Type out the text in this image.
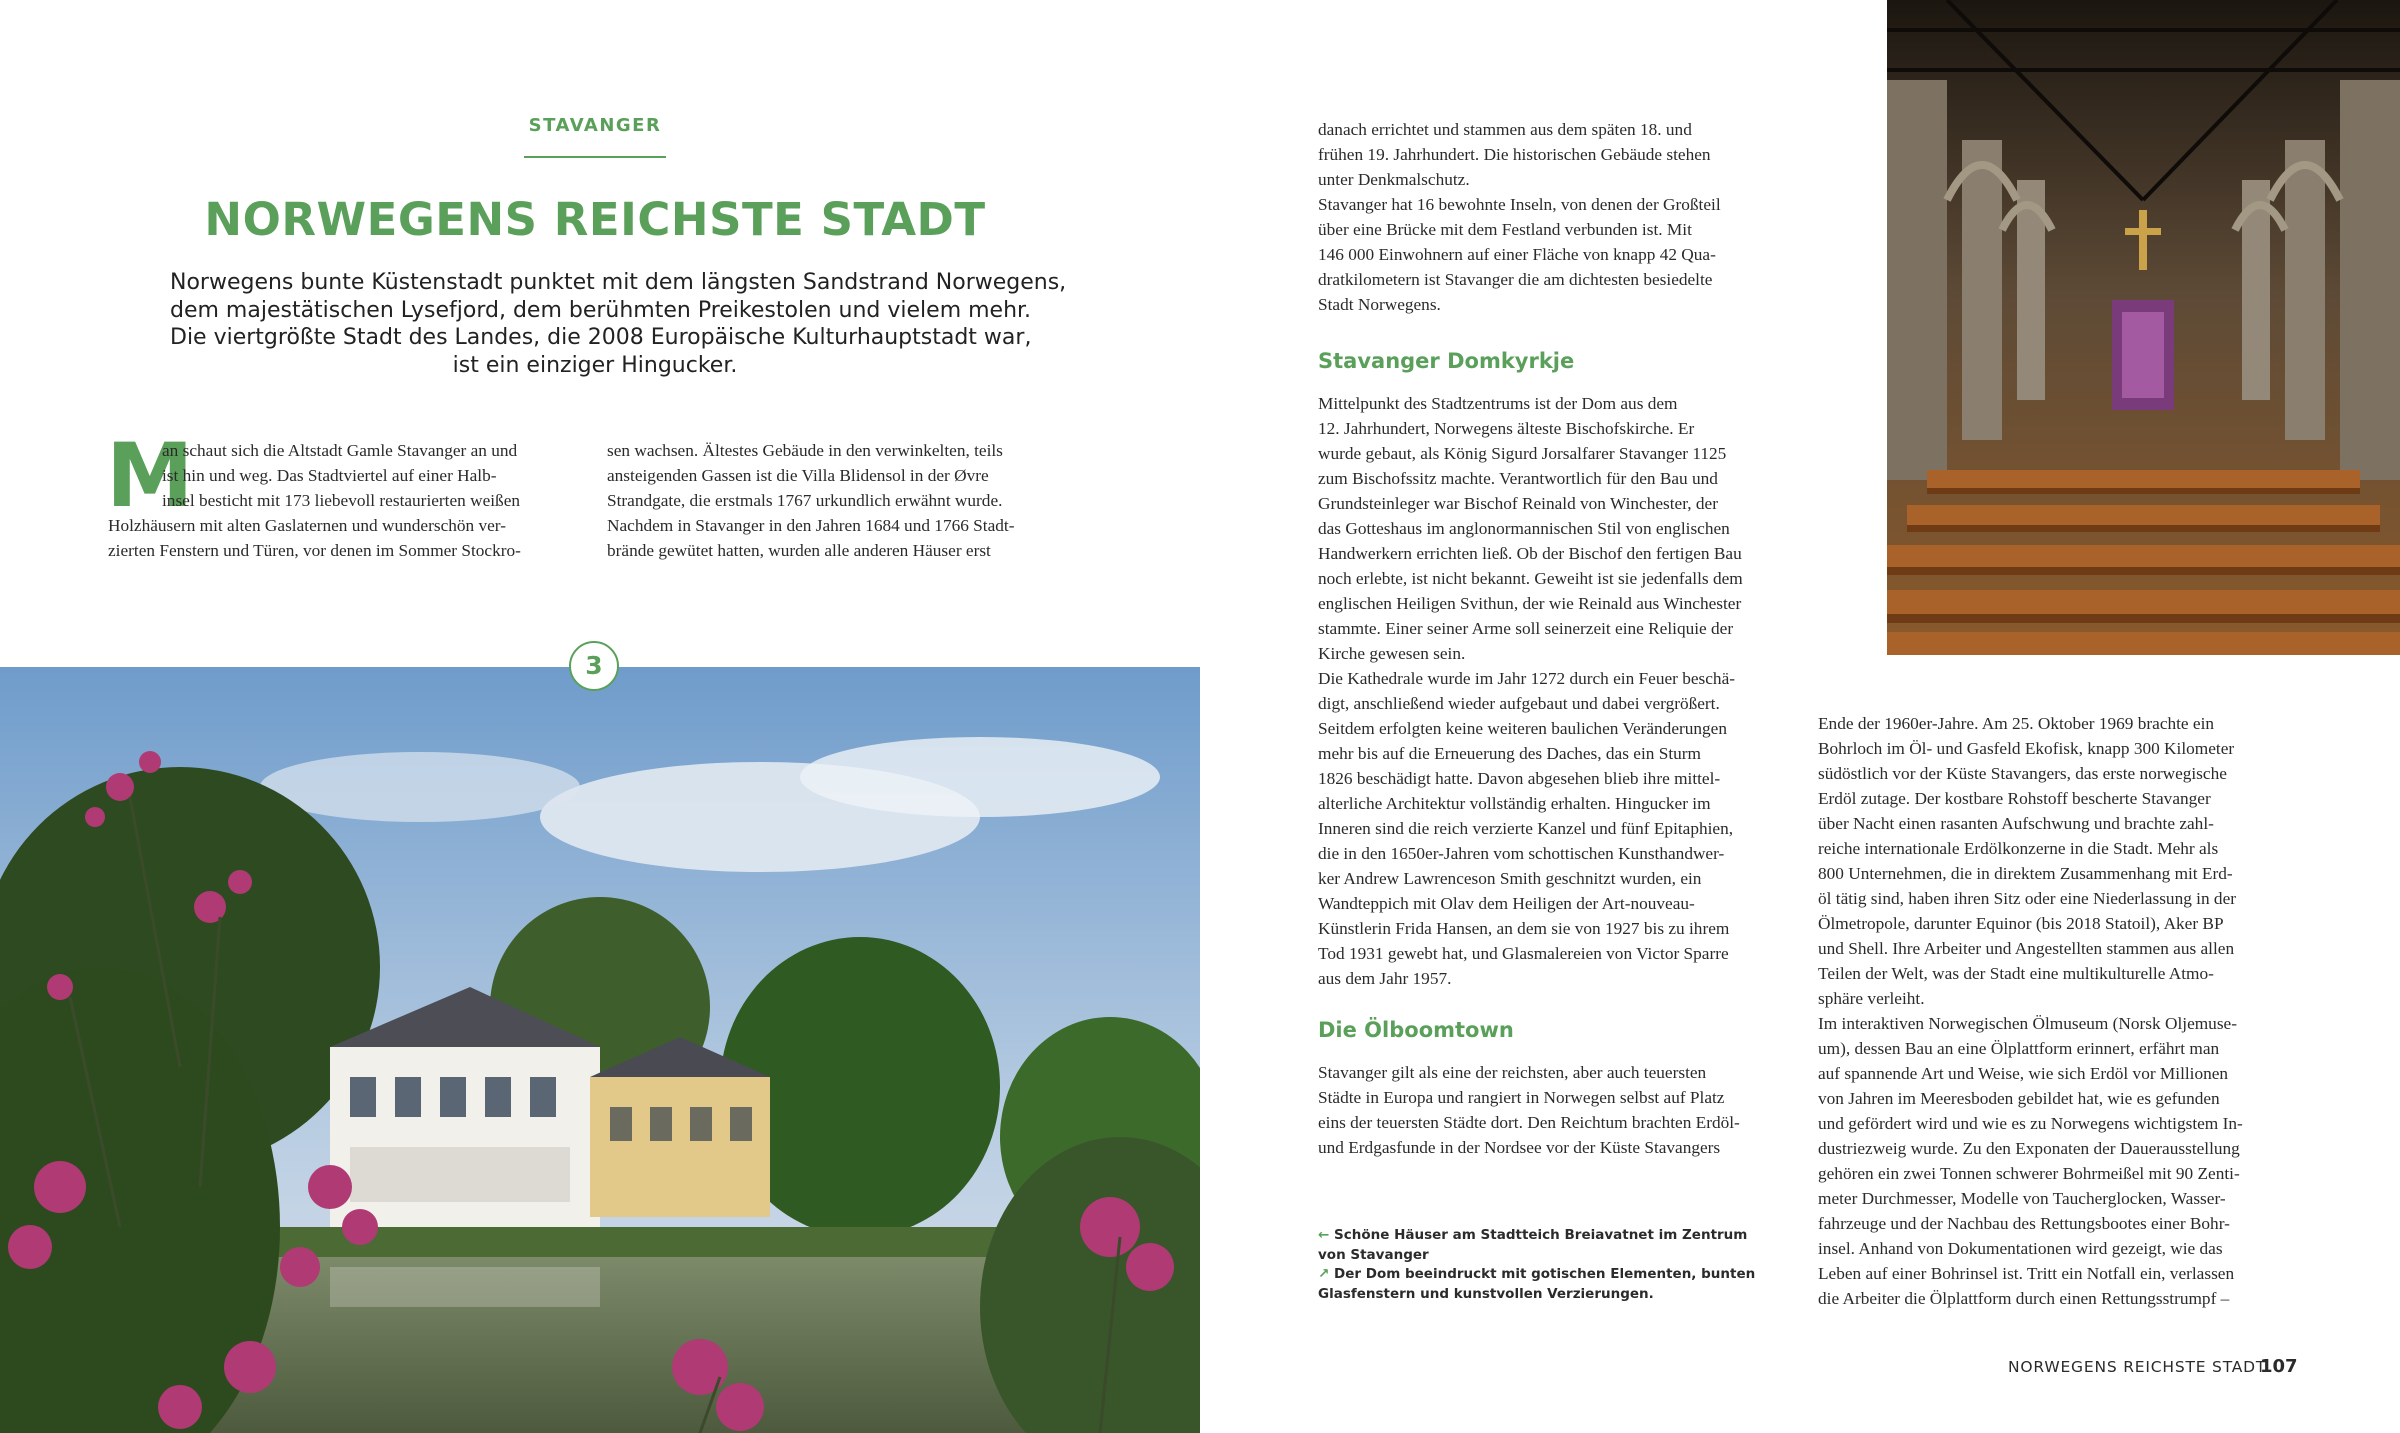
STAVANGER
NORWEGENS REICHSTE STADT
Norwegens bunte Küstenstadt punktet mit dem längsten Sandstrand Norwegens,
dem majestätischen Lysefjord, dem berühmten Preikestolen und vielem mehr.
Die viertgrößte Stadt des Landes, die 2008 Europäische Kulturhauptstadt war,
ist ein einziger Hingucker.
M
an schaut sich die Altstadt Gamle Stavanger an und
ist hin und weg. Das Stadtviertel auf einer Halb-
insel besticht mit 173 liebevoll restaurierten weißen
Holzhäusern mit alten Gaslaternen und wunderschön ver-
zierten Fenstern und Türen, vor denen im Sommer Stockro-
sen wachsen. Ältestes Gebäude in den verwinkelten, teils
ansteigenden Gassen ist die Villa Blidensol in der Øvre
Strandgate, die erstmals 1767 urkundlich erwähnt wurde.
Nachdem in Stavanger in den Jahren 1684 und 1766 Stadt-
brände gewütet hatten, wurden alle anderen Häuser erst
3
danach errichtet und stammen aus dem späten 18. und
frühen 19. Jahrhundert. Die historischen Gebäude stehen
unter Denkmalschutz.
Stavanger hat 16 bewohnte Inseln, von denen der Großteil
über eine Brücke mit dem Festland verbunden ist. Mit
146 000 Einwohnern auf einer Fläche von knapp 42 Qua-
dratkilometern ist Stavanger die am dichtesten besiedelte
Stadt Norwegens.
Stavanger Domkyrkje
Mittelpunkt des Stadtzentrums ist der Dom aus dem
12. Jahrhundert, Norwegens älteste Bischofskirche. Er
wurde gebaut, als König Sigurd Jorsalfarer Stavanger 1125
zum Bischofssitz machte. Verantwortlich für den Bau und
Grundsteinleger war Bischof Reinald von Winchester, der
das Gotteshaus im anglonormannischen Stil von englischen
Handwerkern errichten ließ. Ob der Bischof den fertigen Bau
noch erlebte, ist nicht bekannt. Geweiht ist sie jedenfalls dem
englischen Heiligen Svithun, der wie Reinald aus Winchester
stammte. Einer seiner Arme soll seinerzeit eine Reliquie der
Kirche gewesen sein.
Die Kathedrale wurde im Jahr 1272 durch ein Feuer beschä-
digt, anschließend wieder aufgebaut und dabei vergrößert.
Seitdem erfolgten keine weiteren baulichen Veränderungen
mehr bis auf die Erneuerung des Daches, das ein Sturm
1826 beschädigt hatte. Davon abgesehen blieb ihre mittel-
alterliche Architektur vollständig erhalten. Hingucker im
Inneren sind die reich verzierte Kanzel und fünf Epitaphien,
die in den 1650er-Jahren vom schottischen Kunsthandwer-
ker Andrew Lawrenceson Smith geschnitzt wurden, ein
Wandteppich mit Olav dem Heiligen der Art-nouveau-
Künstlerin Frida Hansen, an dem sie von 1927 bis zu ihrem
Tod 1931 gewebt hat, und Glasmalereien von Victor Sparre
aus dem Jahr 1957.
Die Ölboomtown
Stavanger gilt als eine der reichsten, aber auch teuersten
Städte in Europa und rangiert in Norwegen selbst auf Platz
eins der teuersten Städte dort. Den Reichtum brachten Erdöl-
und Erdgasfunde in der Nordsee vor der Küste Stavangers
← Schöne Häuser am Stadtteich Breiavatnet im Zentrum
von Stavanger
↗ Der Dom beeindruckt mit gotischen Elementen, bunten
Glasfenstern und kunstvollen Verzierungen.
Ende der 1960er-Jahre. Am 25. Oktober 1969 brachte ein
Bohrloch im Öl- und Gasfeld Ekofisk, knapp 300 Kilometer
südöstlich vor der Küste Stavangers, das erste norwegische
Erdöl zutage. Der kostbare Rohstoff bescherte Stavanger
über Nacht einen rasanten Aufschwung und brachte zahl-
reiche internationale Erdölkonzerne in die Stadt. Mehr als
800 Unternehmen, die in direktem Zusammenhang mit Erd-
öl tätig sind, haben ihren Sitz oder eine Niederlassung in der
Ölmetropole, darunter Equinor (bis 2018 Statoil), Aker BP
und Shell. Ihre Arbeiter und Angestellten stammen aus allen
Teilen der Welt, was der Stadt eine multikulturelle Atmo-
sphäre verleiht.
Im interaktiven Norwegischen Ölmuseum (Norsk Oljemuse-
um), dessen Bau an eine Ölplattform erinnert, erfährt man
auf spannende Art und Weise, wie sich Erdöl vor Millionen
von Jahren im Meeresboden gebildet hat, wie es gefunden
und gefördert wird und wie es zu Norwegens wichtigstem In-
dustriezweig wurde. Zu den Exponaten der Dauerausstellung
gehören ein zwei Tonnen schwerer Bohrmeißel mit 90 Zenti-
meter Durchmesser, Modelle von Taucherglocken, Wasser-
fahrzeuge und der Nachbau des Rettungsbootes einer Bohr-
insel. Anhand von Dokumentationen wird gezeigt, wie das
Leben auf einer Bohrinsel ist. Tritt ein Notfall ein, verlassen
die Arbeiter die Ölplattform durch einen Rettungsstrumpf –
NORWEGENS REICHSTE STADT
107
